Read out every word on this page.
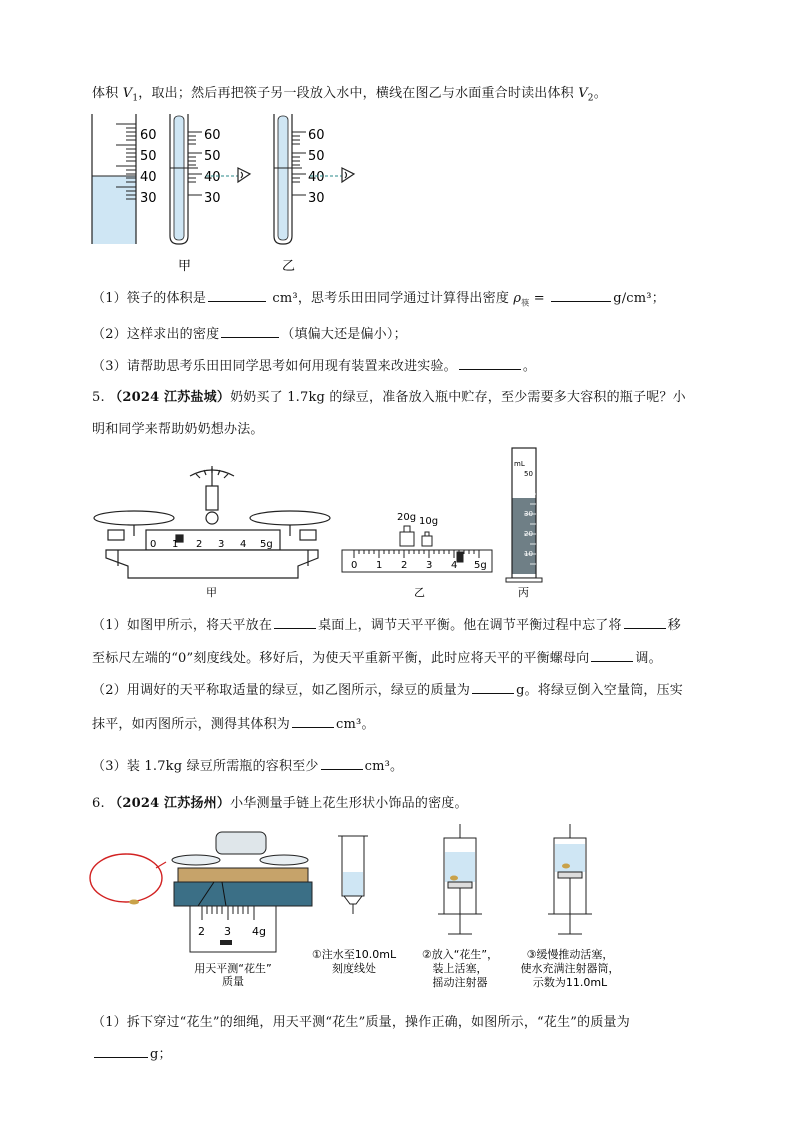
体积 $V_1$，取出；然后再把筷子另一段放入水中，横线在图乙与水面重合时读出体积 $V_2$。
60
50
40
30
60
50
40
30
60
50
40
30
甲	乙
（1）筷子的体积是	cm³，思考乐田田同学通过计算得出密度 $\rho_筷$ =	g/cm³；
（2）这样求出的密度	（填偏大还是偏小）；
（3）请帮助思考乐田田同学思考如何用现有装置来改进实验。	。
5. （2024 江苏盐城）奶奶买了 1.7kg 的绿豆，准备放入瓶中贮存，至少需要多大容积的瓶子呢？小
明和同学来帮助奶奶想办法。
0 1 2 3 4 5g
甲
20g 10g
0 1 2 3 4 5g
乙
mL
50
40
30
20
10
丙
（1）如图甲所示，将天平放在	桌面上，调节天平平衡。他在调节平衡过程中忘了将	移
至标尺左端的“0”刻度线处。移好后，为使天平重新平衡，此时应将天平的平衡螺母向	调。
（2）用调好的天平称取适量的绿豆，如乙图所示，绿豆的质量为	g。将绿豆倒入空量筒，压实
抹平，如丙图所示，测得其体积为	cm³。
（3）装 1.7kg 绿豆所需瓶的容积至少	cm³。
6. （2024 江苏扬州）小华测量手链上花生形状小饰品的密度。
2 3 4g
用天平测“花生”
质量
①注水至10.0mL
刻度线处
②放入“花生”，
装上活塞，
摇动注射器
③缓慢推动活塞，
使水充满注射器筒，
示数为11.0mL
（1）拆下穿过“花生”的细绳，用天平测“花生”质量，操作正确，如图所示，“花生”的质量为
g；
